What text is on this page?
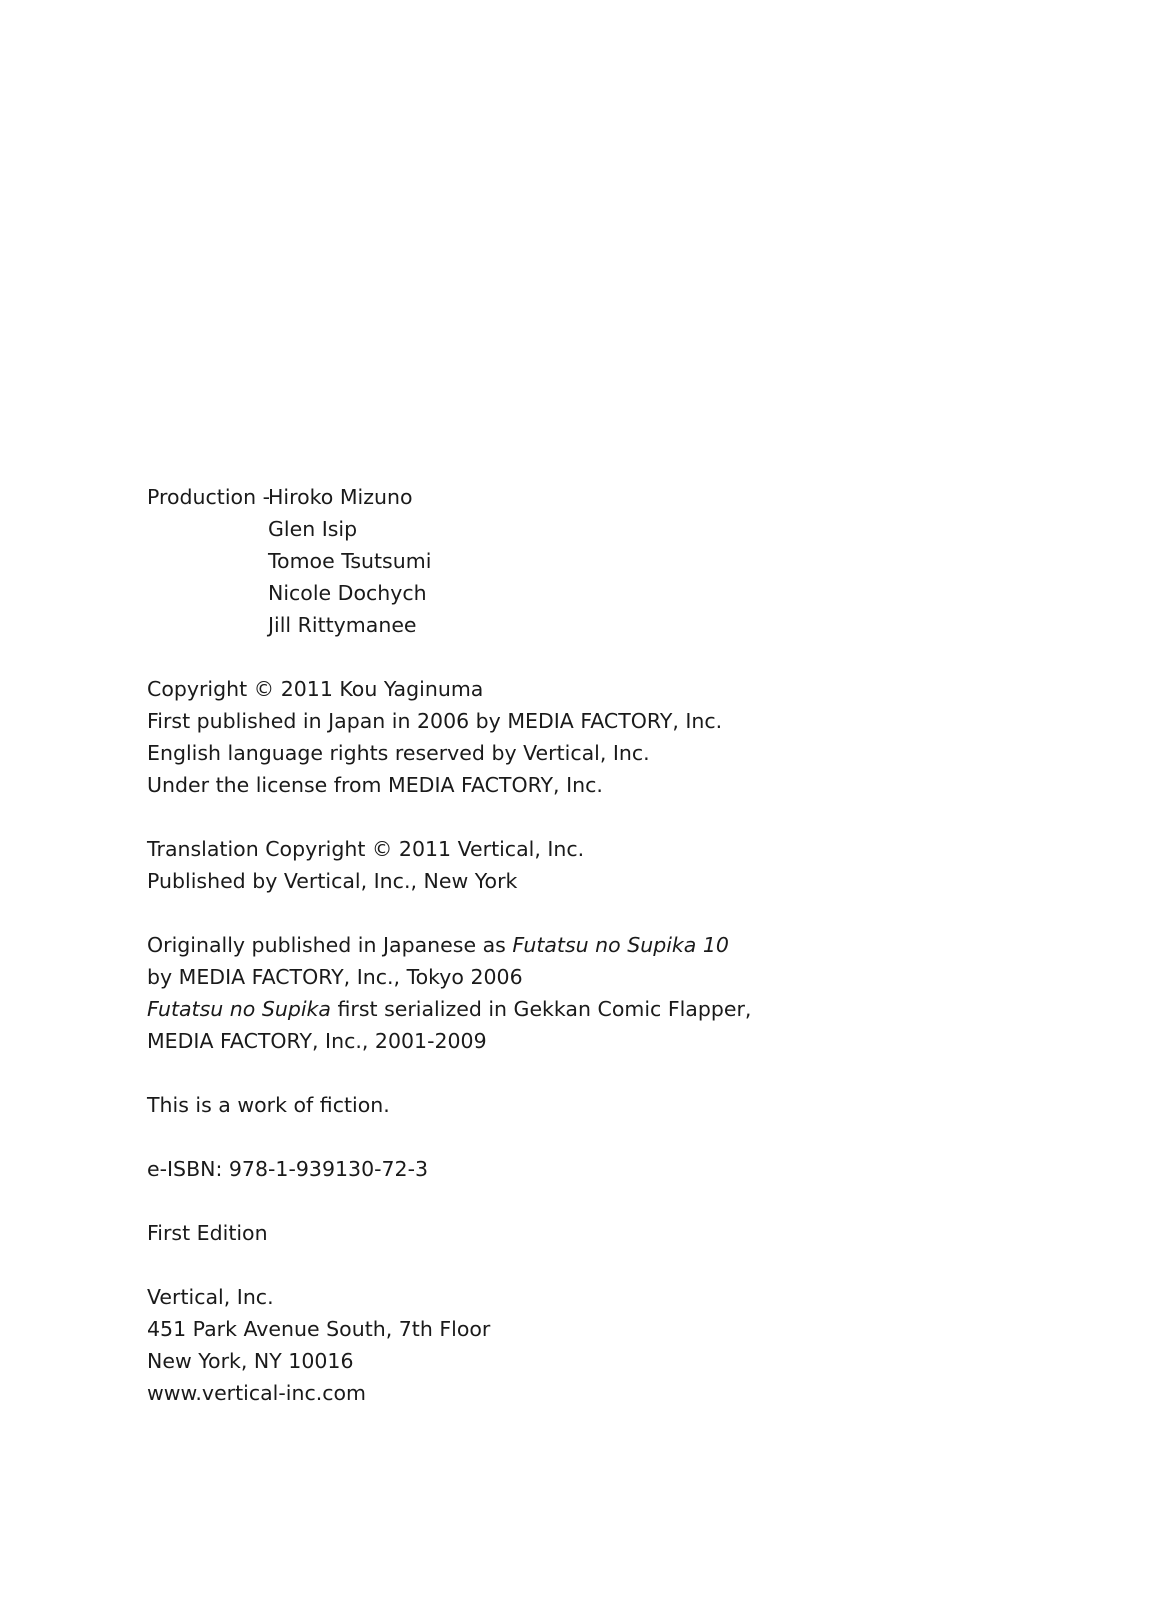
Production -Hiroko Mizuno
Glen Isip
Tomoe Tsutsumi
Nicole Dochych
Jill Rittymanee
Copyright © 2011 Kou Yaginuma
First published in Japan in 2006 by MEDIA FACTORY, Inc.
English language rights reserved by Vertical, Inc.
Under the license from MEDIA FACTORY, Inc.
Translation Copyright © 2011 Vertical, Inc.
Published by Vertical, Inc., New York
Originally published in Japanese as Futatsu no Supika 10
by MEDIA FACTORY, Inc., Tokyo 2006
Futatsu no Supika first serialized in Gekkan Comic Flapper,
MEDIA FACTORY, Inc., 2001-2009
This is a work of fiction.
e-ISBN: 978-1-939130-72-3
First Edition
Vertical, Inc.
451 Park Avenue South, 7th Floor
New York, NY 10016
www.vertical-inc.com
